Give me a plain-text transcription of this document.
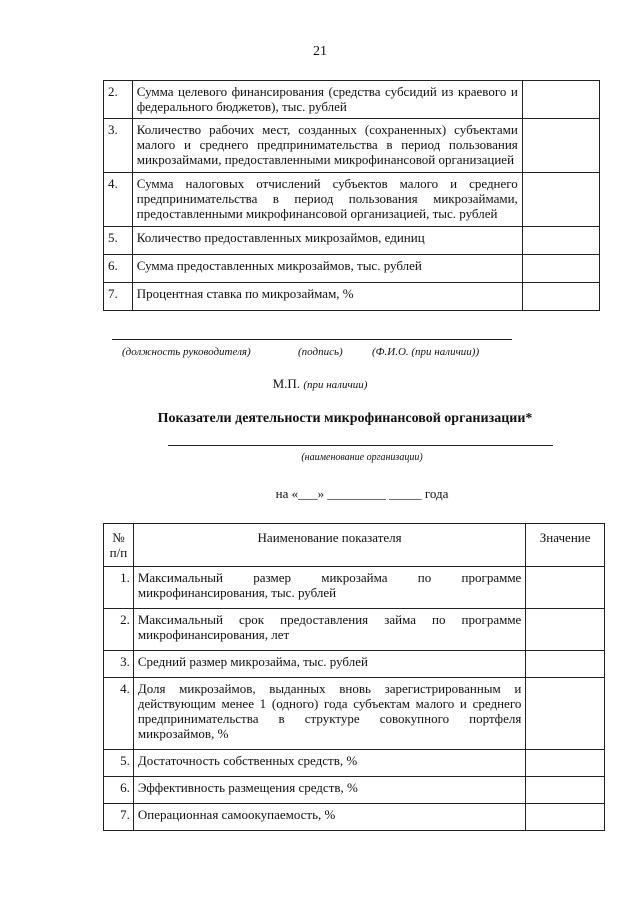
21
2.	Сумма целевого финансирования (средства субсидий из краевого и федерального бюджетов), тыс. рублей	
3.	Количество рабочих мест, созданных (сохраненных) субъектами малого и среднего предпринимательства в период пользования микрозаймами, предоставленными микрофинансовой организацией	
4.	Сумма налоговых отчислений субъектов малого и среднего предпринимательства в период пользования микрозаймами, предоставленными микрофинансовой организацией, тыс. рублей	
5.	Количество предоставленных микрозаймов, единиц	
6.	Сумма предоставленных микрозаймов, тыс. рублей	
7.	Процентная ставка по микрозаймам, %	
(должность руководителя)	(подпись)	(Ф.И.О. (при наличии))
М.П. (при наличии)
Показатели деятельности микрофинансовой организации*
(наименование организации)
на «___» _________ _____ года
№ п/п	Наименование показателя	Значение
1.	Максимальный размер микрозайма по программе микрофинансирования, тыс. рублей	
2.	Максимальный срок предоставления займа по программе микрофинансирования, лет	
3.	Средний размер микрозайма, тыс. рублей	
4.	Доля микрозаймов, выданных вновь зарегистрированным и действующим менее 1 (одного) года субъектам малого и среднего предпринимательства в структуре совокупного портфеля микрозаймов, %	
5.	Достаточность собственных средств, %	
6.	Эффективность размещения средств, %	
7.	Операционная самоокупаемость, %	
